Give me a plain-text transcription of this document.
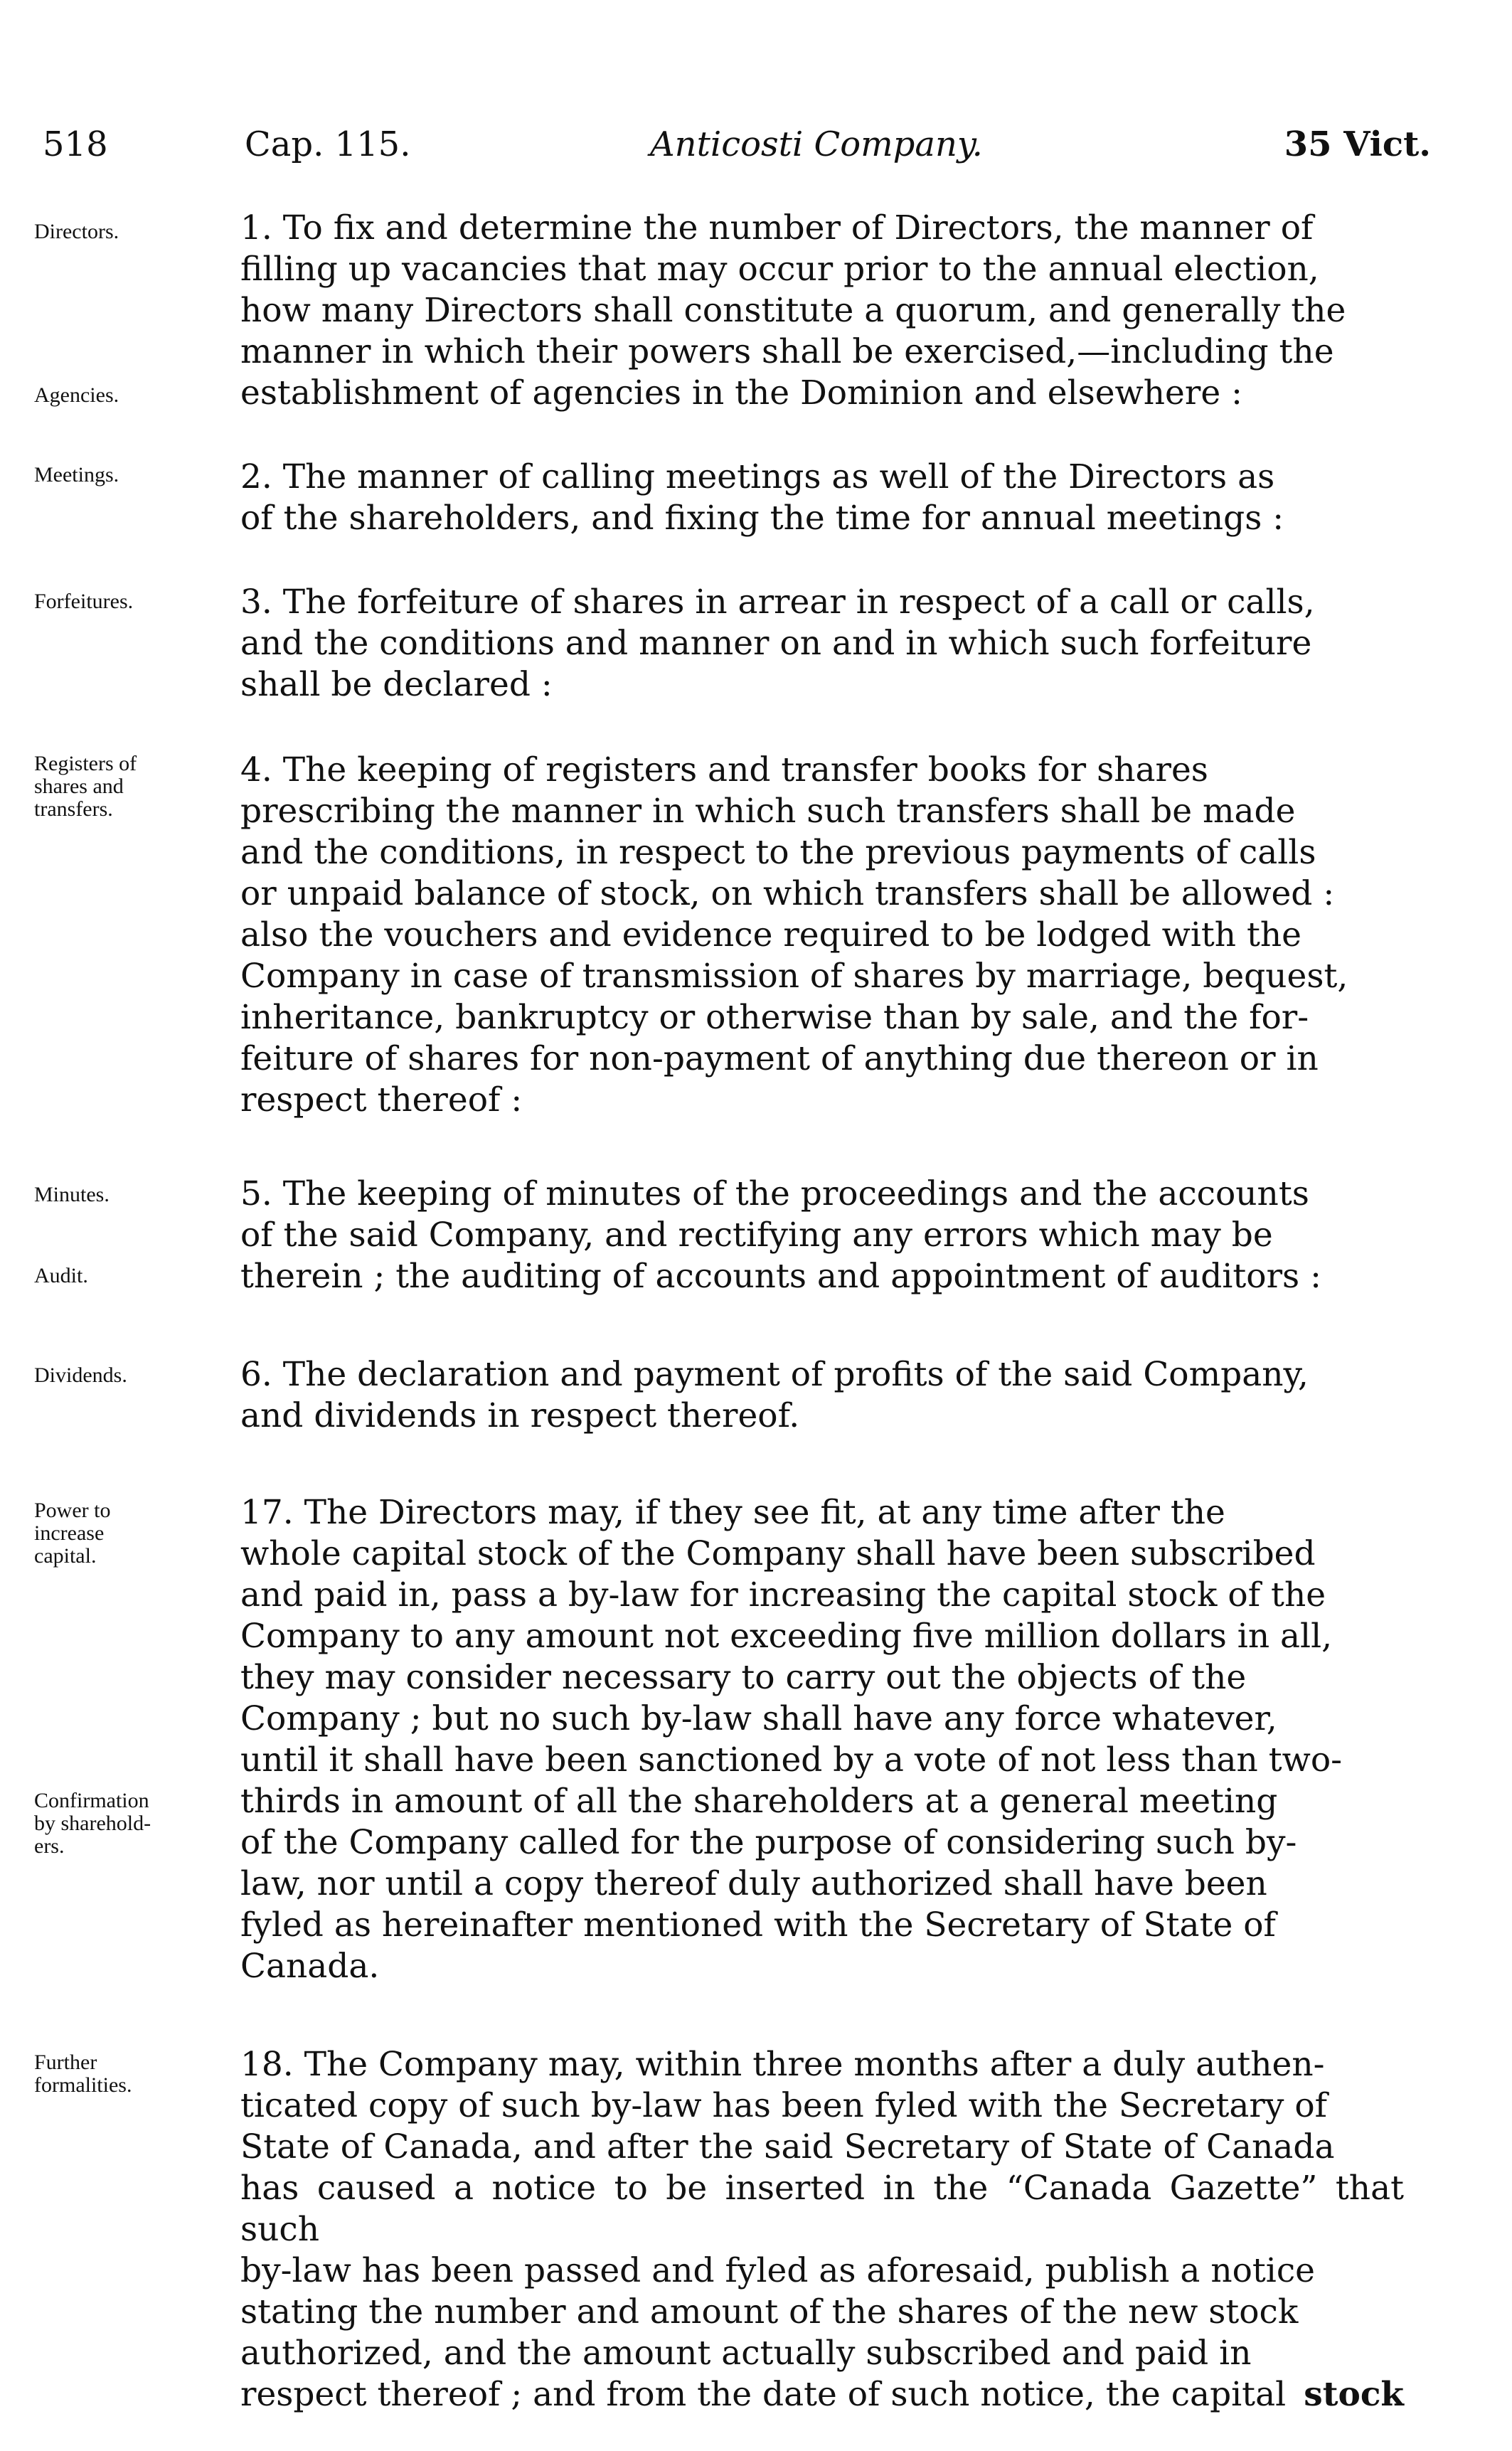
518	Cap. 115.	Anticosti Company.	35 Vict.

Directors.

Agencies.

1. To fix and determine the number of Directors, the manner of
filling up vacancies that may occur prior to the annual election,
how many Directors shall constitute a quorum, and generally the
manner in which their powers shall be exercised,—including the
establishment of agencies in the Dominion and elsewhere :

Meetings.	2. The manner of calling meetings as well of the Directors as
of the shareholders, and fixing the time for annual meetings :

Forfeitures.	3. The forfeiture of shares in arrear in respect of a call or calls,
and the conditions and manner on and in which such forfeiture
shall be declared :

Registers of
shares and
transfers.

4. The keeping of registers and transfer books for shares
prescribing the manner in which such transfers shall be made
and the conditions, in respect to the previous payments of calls
or unpaid balance of stock, on which transfers shall be allowed :
also the vouchers and evidence required to be lodged with the
Company in case of transmission of shares by marriage, bequest,
inheritance, bankruptcy or otherwise than by sale, and the for-
feiture of shares for non-payment of anything due thereon or in
respect thereof :

Minutes.

Audit.

5. The keeping of minutes of the proceedings and the accounts
of the said Company, and rectifying any errors which may be
therein ; the auditing of accounts and appointment of auditors :

Dividends.	6. The declaration and payment of profits of the said Company,
and dividends in respect thereof.

Power to
increase
capital.

Confirmation
by sharehold-
ers.

17. The Directors may, if they see fit, at any time after the
whole capital stock of the Company shall have been subscribed
and paid in, pass a by-law for increasing the capital stock of the
Company to any amount not exceeding five million dollars in all,
they may consider necessary to carry out the objects of the
Company ; but no such by-law shall have any force whatever,
until it shall have been sanctioned by a vote of not less than two-
thirds in amount of all the shareholders at a general meeting
of the Company called for the purpose of considering such by-
law, nor until a copy thereof duly authorized shall have been
fyled as hereinafter mentioned with the Secretary of State of
Canada.

Further
formalities.

18. The Company may, within three months after a duly authen-
ticated copy of such by-law has been fyled with the Secretary of
State of Canada, and after the said Secretary of State of Canada
has caused a notice to be inserted in the “Canada Gazette” that such
by-law has been passed and fyled as aforesaid, publish a notice
stating the number and amount of the shares of the new stock
authorized, and the amount actually subscribed and paid in
respect thereof ; and from the date of such notice, the capital stock
